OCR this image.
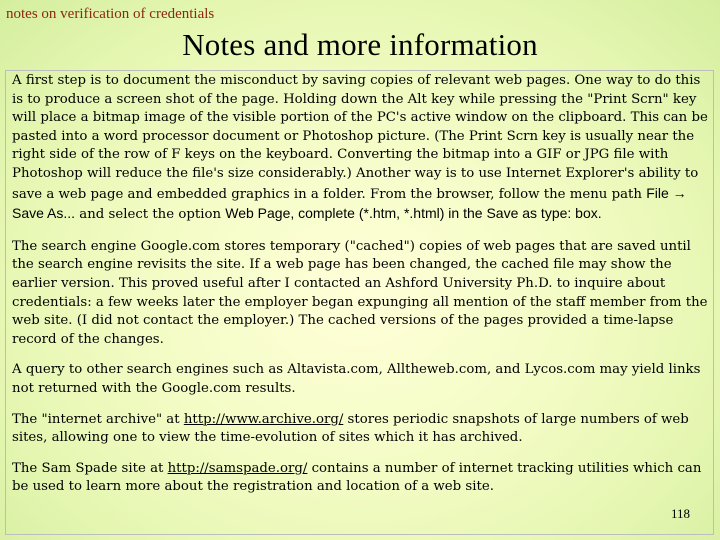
notes on verification of credentials
Notes and more information

A first step is to document the misconduct by saving copies of relevant web pages. One way to do this is to produce a screen shot of the page. Holding down the Alt key while pressing the "Print Scrn" key will place a bitmap image of the visible portion of the PC's active window on the clipboard. This can be pasted into a word processor document or Photoshop picture. (The Print Scrn key is usually near the right side of the row of F keys on the keyboard. Converting the bitmap into a GIF or JPG file with Photoshop will reduce the file's size considerably.) Another way is to use Internet Explorer's ability to save a web page and embedded graphics in a folder. From the browser, follow the menu path File → Save As... and select the option Web Page, complete (*.htm, *.html) in the Save as type: box.

The search engine Google.com stores temporary ("cached") copies of web pages that are saved until the search engine revisits the site. If a web page has been changed, the cached file may show the earlier version. This proved useful after I contacted an Ashford University Ph.D. to inquire about credentials: a few weeks later the employer began expunging all mention of the staff member from the web site. (I did not contact the employer.) The cached versions of the pages provided a time-lapse record of the changes.

A query to other search engines such as Altavista.com, Alltheweb.com, and Lycos.com may yield links not returned with the Google.com results.

The "internet archive" at http://www.archive.org/ stores periodic snapshots of large numbers of web sites, allowing one to view the time-evolution of sites which it has archived.

The Sam Spade site at http://samspade.org/ contains a number of internet tracking utilities which can be used to learn more about the registration and location of a web site.

118
